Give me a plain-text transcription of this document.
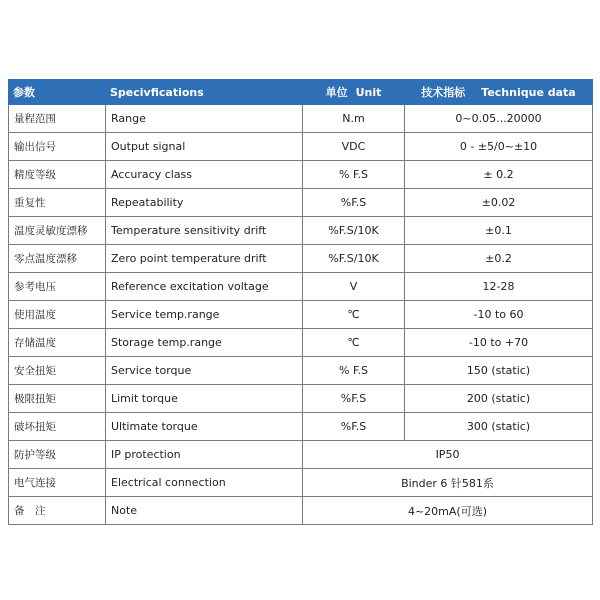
参数	Specivfications	单位 Unit	技术指标 Technique data
量程范围	Range	N.m	0~0.05...20000
输出信号	Output signal	VDC	0 - ±5/0~±10
精度等级	Accuracy class	% F.S	± 0.2
重复性	Repeatability	%F.S	±0.02
温度灵敏度漂移	Temperature sensitivity drift	%F.S/10K	±0.1
零点温度漂移	Zero point temperature drift	%F.S/10K	±0.2
参考电压	Reference excitation voltage	V	12-28
使用温度	Service temp.range	℃	-10 to 60
存储温度	Storage temp.range	℃	-10 to +70
安全扭矩	Service torque	% F.S	150 (static)
极限扭矩	Limit torque	%F.S	200 (static)
破坏扭矩	Ultimate torque	%F.S	300 (static)
防护等级	IP protection	IP50	
电气连接	Electrical connection	Binder 6 针581系	
备　注	Note	4~20mA(可选)	
